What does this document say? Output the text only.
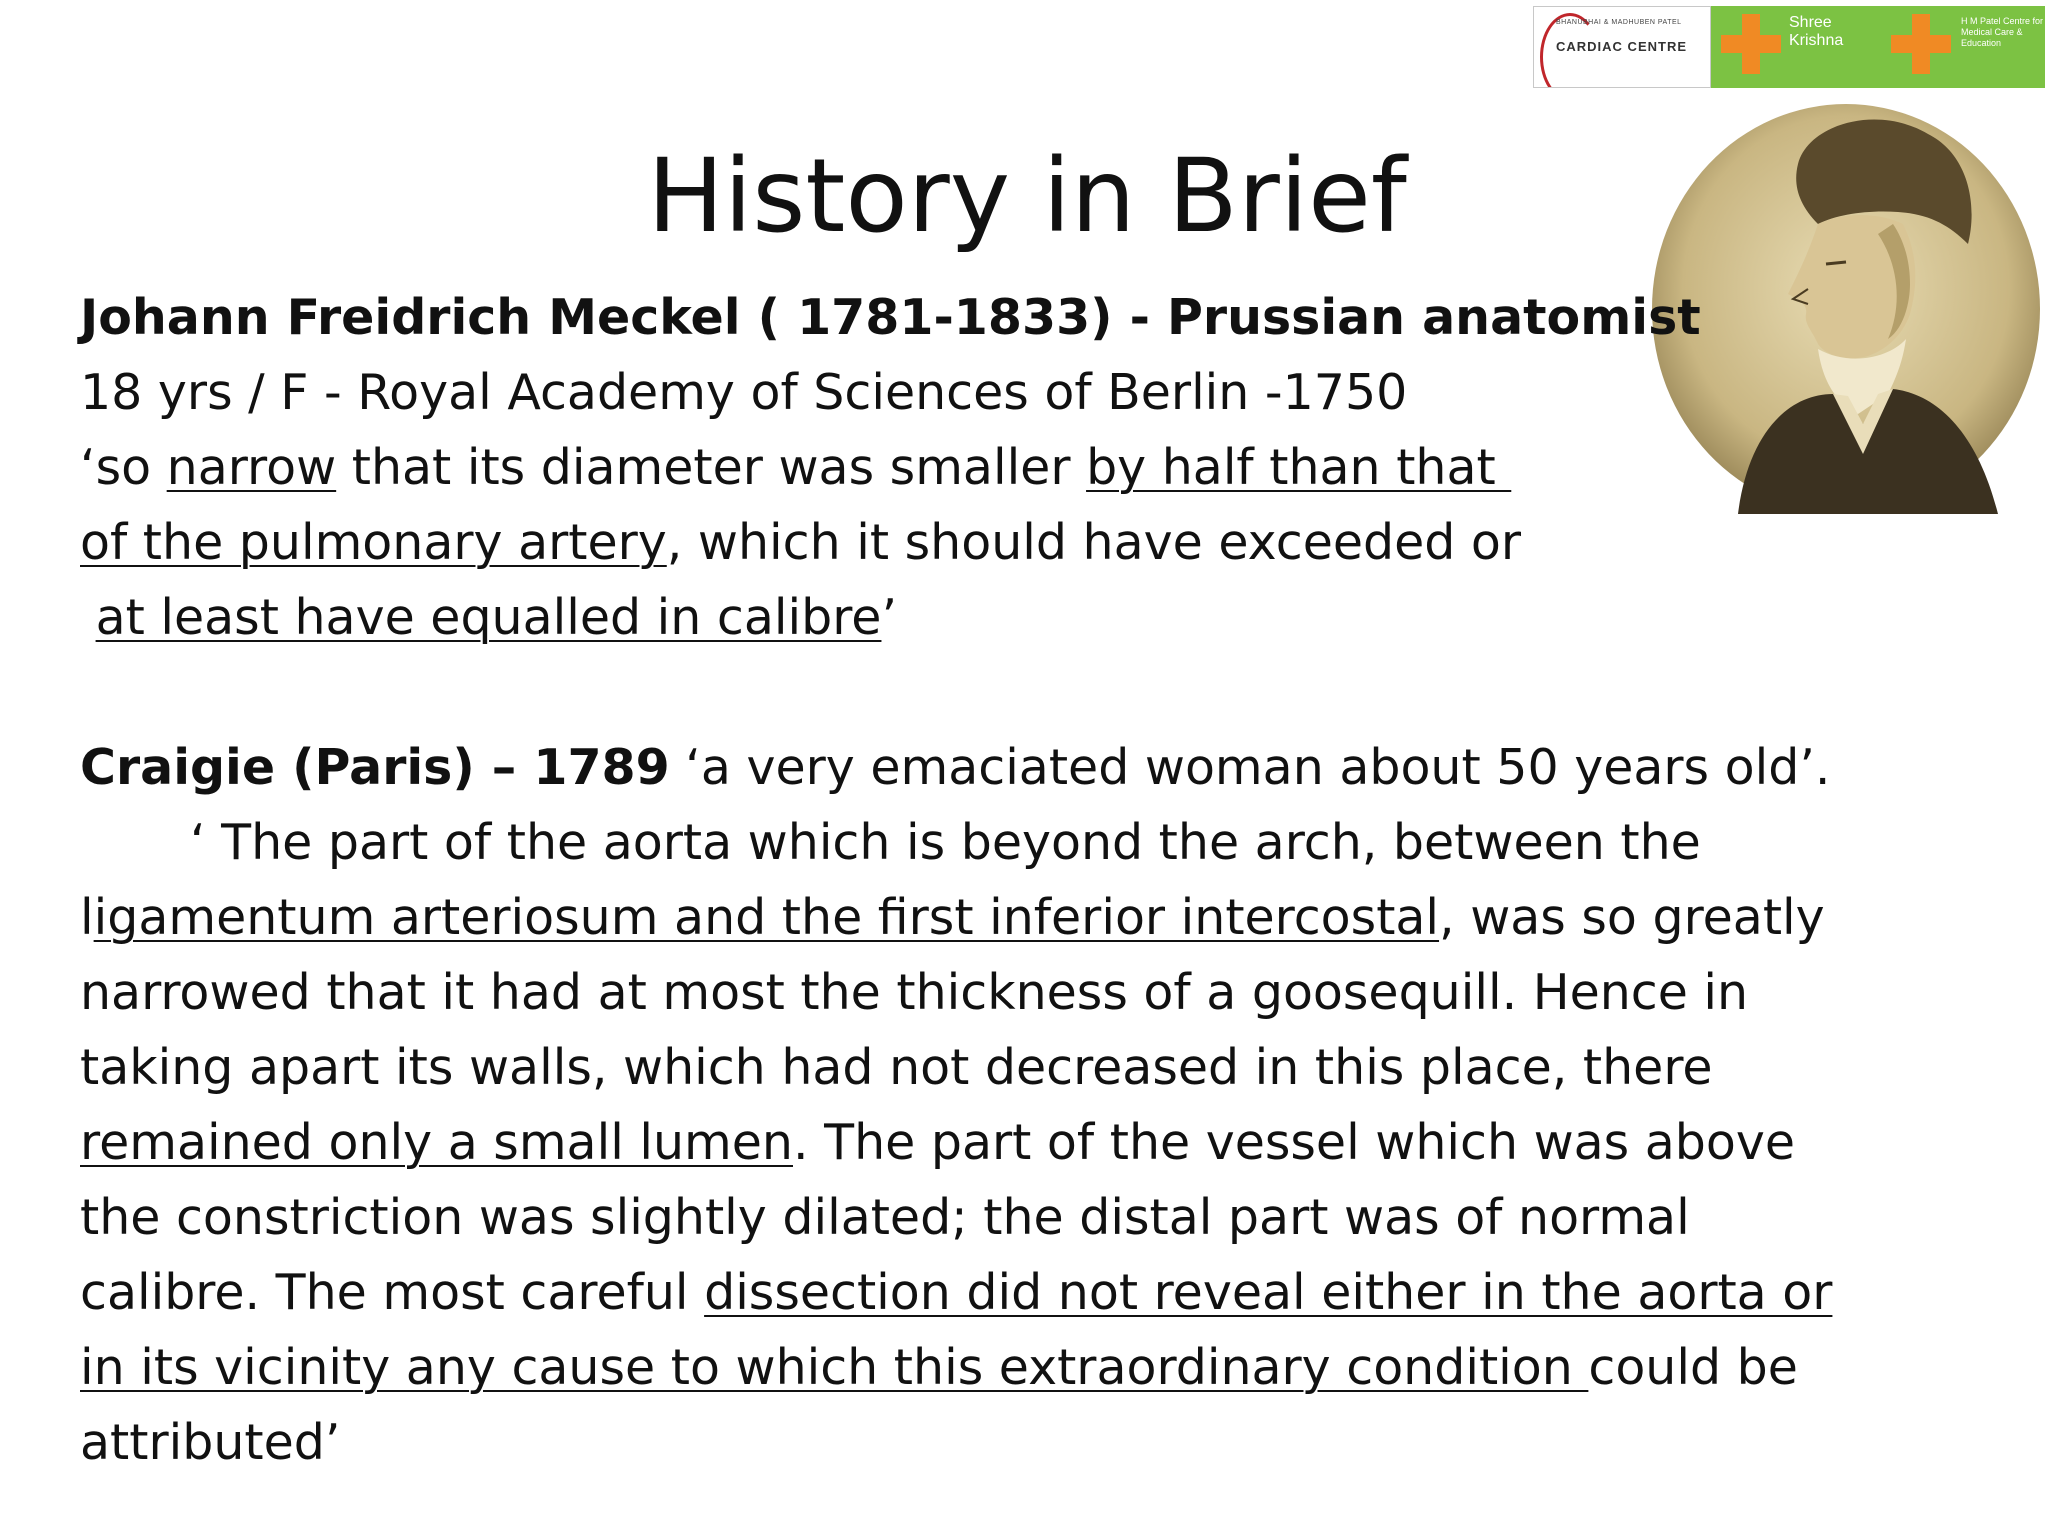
BHANUBHAI & MADHUBEN PATEL
CARDIAC CENTRE
Shree Krishna
H M Patel Centre for Medical Care & Education
History in Brief
Johann Freidrich Meckel ( 1781-1833) - Prussian anatomist
18 yrs / F - Royal Academy of Sciences of Berlin -1750
‘so narrow that its diameter was smaller by half than that
of the pulmonary artery, which it should have exceeded or
at least have equalled in calibre’
Craigie (Paris) – 1789 ‘a very emaciated woman about 50 years old’.
‘ The part of the aorta which is beyond the arch, between the
ligamentum arteriosum and the first inferior intercostal, was so greatly
narrowed that it had at most the thickness of a goosequill. Hence in
taking apart its walls, which had not decreased in this place, there
remained only a small lumen. The part of the vessel which was above
the constriction was slightly dilated; the distal part was of normal
calibre. The most careful dissection did not reveal either in the aorta or
in its vicinity any cause to which this extraordinary condition could be
attributed’
